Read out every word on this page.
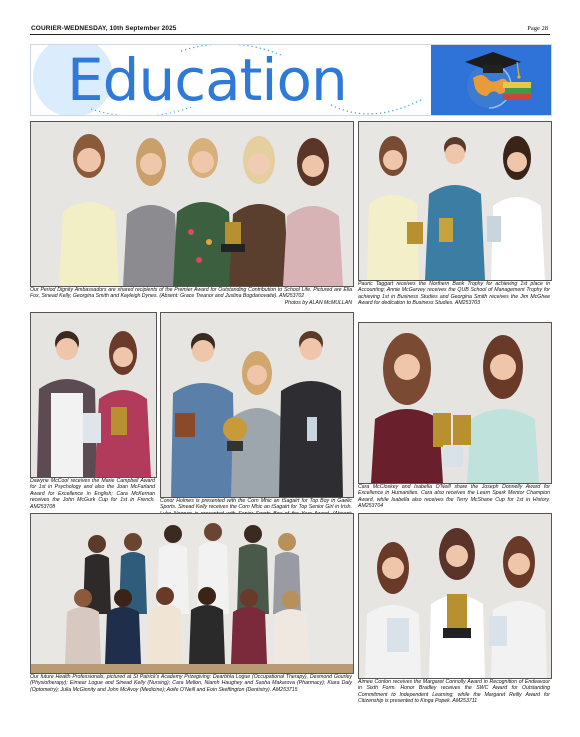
COURIER-WEDNESDAY, 10th September 2025	Page 28
Education
Our Period Dignity Ambassadors are shared recipients of the Premier Award for Outstanding Contribution to School Life. Pictured are Ella Fox, Sinead Kelly, Georgina Smith and Kayleigh Dynes. (Absent: Grace Treanor and Justina Bogdanovaite). AM253702
Photos by ALAN McMULLAN
Pauric Taggart receives the Northern Bank Trophy for achieving 1st place in Accounting; Annie McGarvey receives the QUB School of Management Trophy for achieving 1st in Business Studies and Georgina Smith receives the Jim McGhee Award for dedication to Business Studies. AM253703
Dawyne McCool receives the Marie Campbell Award for 1st in Psychology and also the Joan McFarland Award for Excellence in English; Cara McKernan receives the John McGurk Cup for 1st in French. AM253708
Conor Holmes is presented with the Corn Mhic an tSagairt for Top Boy in Gaelic Sports. Sinead Kelly receives the Corn Mhic an tSagairt for Top Senior Girl in Irish.
Cara McCloskey and Isabella O'Neill share the Joseph Donnelly Award for Excellence in Humanities. Cara also receives the Learn Spark Mentor Champion Award, while Isabella also receives the Terry McShane Cup for 1st in History. AM253704
Our future Health Professionals, pictured at St Patrick's Academy Prizegiving: Dearbhla Logue (Occupational Therapy), Desmond Gourley (Physiotherapy); Eimear Logue and Sinead Kelly (Nursing); Cara Mellon, Niamh Haughey and Sasha Makarova (Pharmacy); Kiara Daly (Optometry); Julia McGinnity and John McAvoy (Medicine); Aoife O'Neill and Eoin Skeffington (Dentistry). AM253715
Aimee Conlon receives the Margaret Connolly Award in Recognition of Endeavour in Sixth Form. Honor Bradley receives the SWC Award for Outstanding Commitment to Independent Learning; while the Margaret Reilly Award for Citizenship is presented to Kinga Popek. AM253711
